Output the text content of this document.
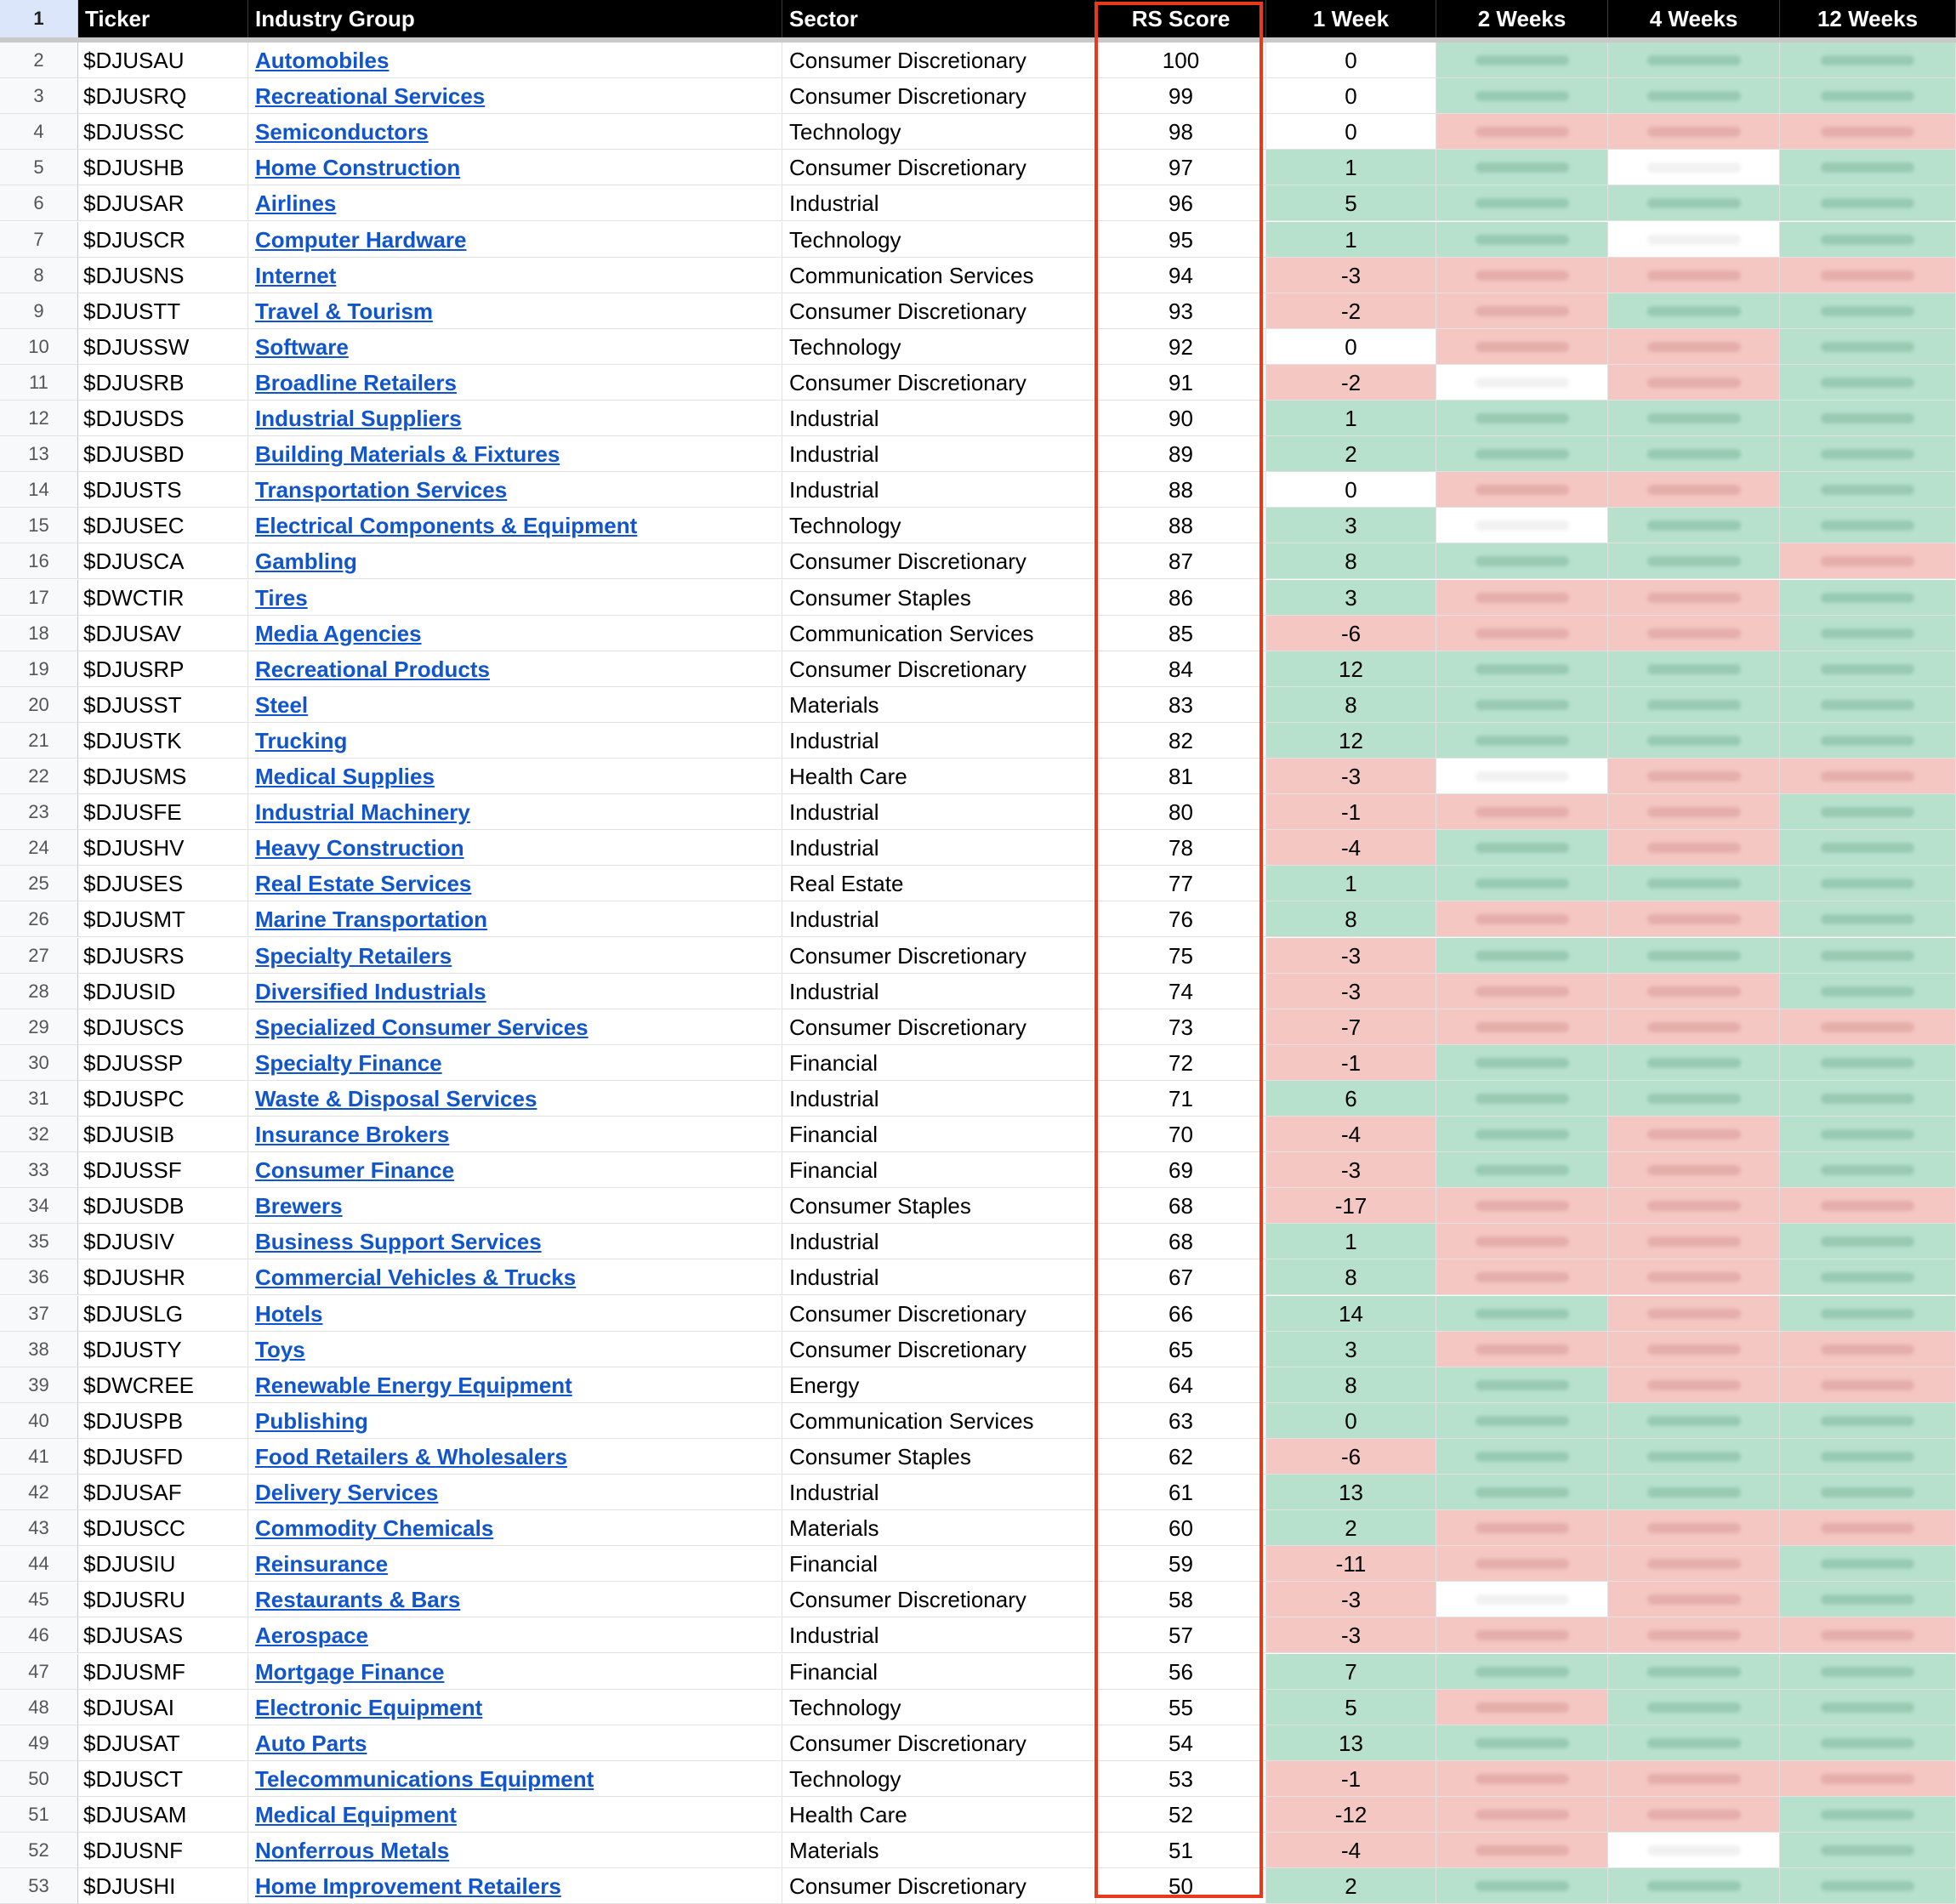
1	Ticker	Industry Group	Sector	RS Score	1 Week	2 Weeks	4 Weeks	12 Weeks
2	$DJUSAU	Automobiles	Consumer Discretionary	100	0
3	$DJUSRQ	Recreational Services	Consumer Discretionary	99	0
4	$DJUSSC	Semiconductors	Technology	98	0
5	$DJUSHB	Home Construction	Consumer Discretionary	97	1
6	$DJUSAR	Airlines	Industrial	96	5
7	$DJUSCR	Computer Hardware	Technology	95	1
8	$DJUSNS	Internet	Communication Services	94	-3
9	$DJUSTT	Travel & Tourism	Consumer Discretionary	93	-2
10	$DJUSSW	Software	Technology	92	0
11	$DJUSRB	Broadline Retailers	Consumer Discretionary	91	-2
12	$DJUSDS	Industrial Suppliers	Industrial	90	1
13	$DJUSBD	Building Materials & Fixtures	Industrial	89	2
14	$DJUSTS	Transportation Services	Industrial	88	0
15	$DJUSEC	Electrical Components & Equipment	Technology	88	3
16	$DJUSCA	Gambling	Consumer Discretionary	87	8
17	$DWCTIR	Tires	Consumer Staples	86	3
18	$DJUSAV	Media Agencies	Communication Services	85	-6
19	$DJUSRP	Recreational Products	Consumer Discretionary	84	12
20	$DJUSST	Steel	Materials	83	8
21	$DJUSTK	Trucking	Industrial	82	12
22	$DJUSMS	Medical Supplies	Health Care	81	-3
23	$DJUSFE	Industrial Machinery	Industrial	80	-1
24	$DJUSHV	Heavy Construction	Industrial	78	-4
25	$DJUSES	Real Estate Services	Real Estate	77	1
26	$DJUSMT	Marine Transportation	Industrial	76	8
27	$DJUSRS	Specialty Retailers	Consumer Discretionary	75	-3
28	$DJUSID	Diversified Industrials	Industrial	74	-3
29	$DJUSCS	Specialized Consumer Services	Consumer Discretionary	73	-7
30	$DJUSSP	Specialty Finance	Financial	72	-1
31	$DJUSPC	Waste & Disposal Services	Industrial	71	6
32	$DJUSIB	Insurance Brokers	Financial	70	-4
33	$DJUSSF	Consumer Finance	Financial	69	-3
34	$DJUSDB	Brewers	Consumer Staples	68	-17
35	$DJUSIV	Business Support Services	Industrial	68	1
36	$DJUSHR	Commercial Vehicles & Trucks	Industrial	67	8
37	$DJUSLG	Hotels	Consumer Discretionary	66	14
38	$DJUSTY	Toys	Consumer Discretionary	65	3
39	$DWCREE	Renewable Energy Equipment	Energy	64	8
40	$DJUSPB	Publishing	Communication Services	63	0
41	$DJUSFD	Food Retailers & Wholesalers	Consumer Staples	62	-6
42	$DJUSAF	Delivery Services	Industrial	61	13
43	$DJUSCC	Commodity Chemicals	Materials	60	2
44	$DJUSIU	Reinsurance	Financial	59	-11
45	$DJUSRU	Restaurants & Bars	Consumer Discretionary	58	-3
46	$DJUSAS	Aerospace	Industrial	57	-3
47	$DJUSMF	Mortgage Finance	Financial	56	7
48	$DJUSAI	Electronic Equipment	Technology	55	5
49	$DJUSAT	Auto Parts	Consumer Discretionary	54	13
50	$DJUSCT	Telecommunications Equipment	Technology	53	-1
51	$DJUSAM	Medical Equipment	Health Care	52	-12
52	$DJUSNF	Nonferrous Metals	Materials	51	-4
53	$DJUSHI	Home Improvement Retailers	Consumer Discretionary	50	2
